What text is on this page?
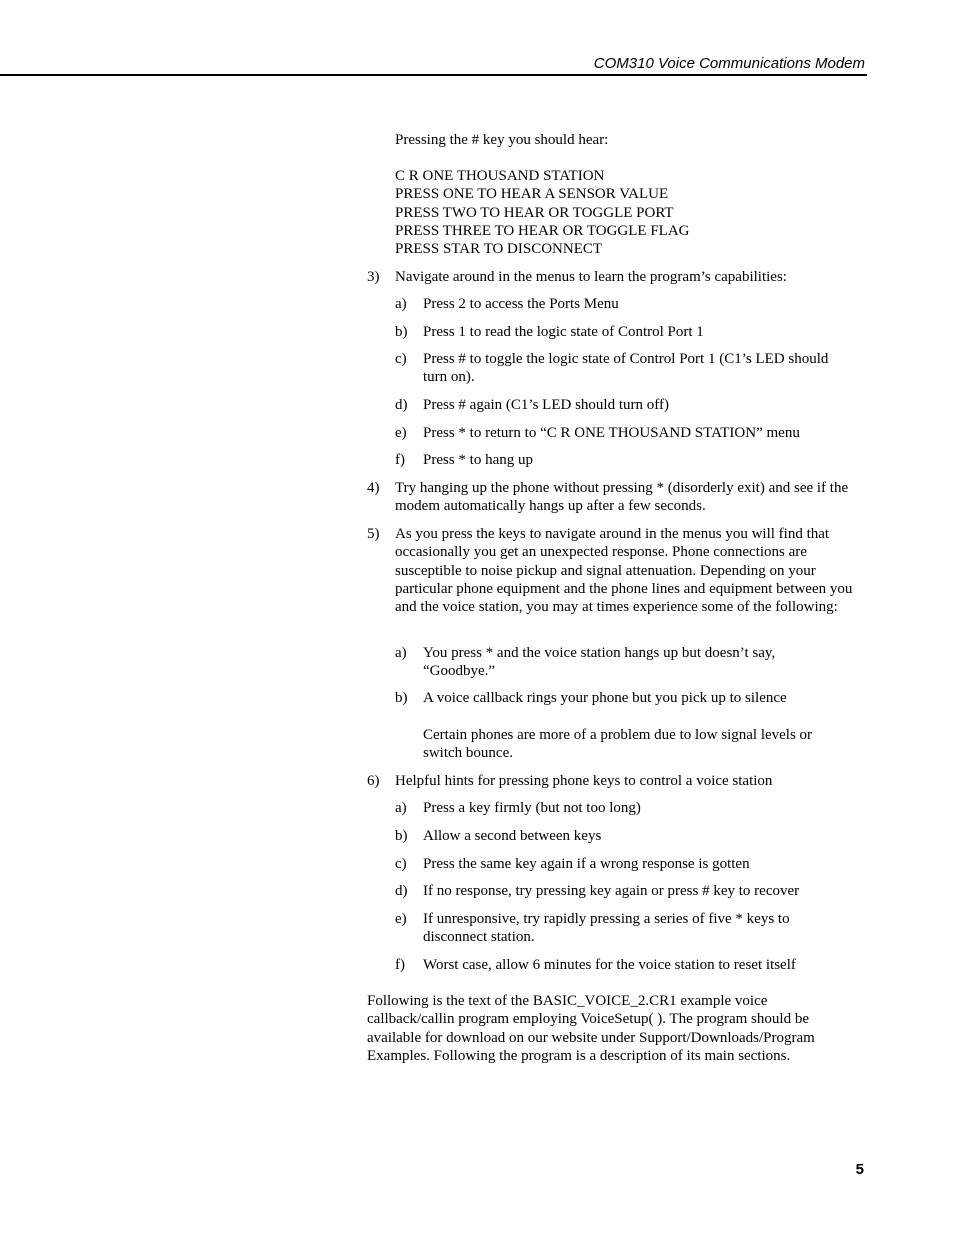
COM310 Voice Communications Modem
Pressing the # key you should hear:
C R ONE THOUSAND STATION
PRESS ONE TO HEAR A SENSOR VALUE
PRESS TWO TO HEAR OR TOGGLE PORT
PRESS THREE TO HEAR OR TOGGLE FLAG
PRESS STAR TO DISCONNECT
3) Navigate around in the menus to learn the program’s capabilities:
a) Press 2 to access the Ports Menu
b) Press 1 to read the logic state of Control Port 1
c) Press # to toggle the logic state of Control Port 1 (C1’s LED should turn on).
d) Press # again (C1’s LED should turn off)
e) Press * to return to “C R ONE THOUSAND STATION” menu
f) Press * to hang up
4) Try hanging up the phone without pressing * (disorderly exit) and see if the modem automatically hangs up after a few seconds.
5) As you press the keys to navigate around in the menus you will find that occasionally you get an unexpected response. Phone connections are susceptible to noise pickup and signal attenuation. Depending on your particular phone equipment and the phone lines and equipment between you and the voice station, you may at times experience some of the following:
a) You press * and the voice station hangs up but doesn’t say, “Goodbye.”
b) A voice callback rings your phone but you pick up to silence
Certain phones are more of a problem due to low signal levels or switch bounce.
6) Helpful hints for pressing phone keys to control a voice station
a) Press a key firmly (but not too long)
b) Allow a second between keys
c) Press the same key again if a wrong response is gotten
d) If no response, try pressing key again or press # key to recover
e) If unresponsive, try rapidly pressing a series of five * keys to disconnect station.
f) Worst case, allow 6 minutes for the voice station to reset itself
Following is the text of the BASIC_VOICE_2.CR1 example voice callback/callin program employing VoiceSetup( ). The program should be available for download on our website under Support/Downloads/Program Examples. Following the program is a description of its main sections.
5
